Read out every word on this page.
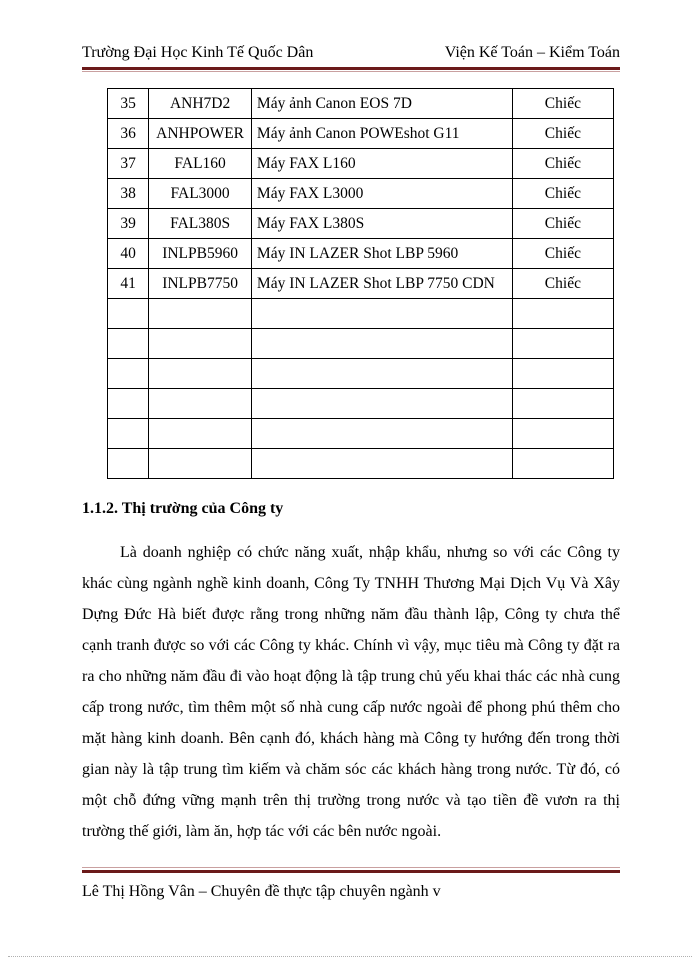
Trường Đại Học Kinh Tế Quốc Dân	Viện Kế Toán – Kiểm Toán
35	ANH7D2	Máy ảnh Canon EOS 7D	Chiếc
36	ANHPOWER	Máy ảnh Canon POWEshot G11	Chiếc
37	FAL160	Máy FAX L160	Chiếc
38	FAL3000	Máy FAX L3000	Chiếc
39	FAL380S	Máy FAX L380S	Chiếc
40	INLPB5960	Máy IN LAZER Shot LBP 5960	Chiếc
41	INLPB7750	Máy IN LAZER Shot LBP 7750 CDN	Chiếc

1.1.2. Thị trường của Công ty

Là doanh nghiệp có chức năng xuất, nhập khẩu, nhưng so với các Công ty khác cùng ngành nghề kinh doanh, Công Ty TNHH Thương Mại Dịch Vụ Và Xây Dựng Đức Hà biết được rằng trong những năm đầu thành lập, Công ty chưa thể cạnh tranh được so với các Công ty khác. Chính vì vậy, mục tiêu mà Công ty đặt ra ra cho những năm đầu đi vào hoạt động là tập trung chủ yếu khai thác các nhà cung cấp trong nước, tìm thêm một số nhà cung cấp nước ngoài để phong phú thêm cho mặt hàng kinh doanh. Bên cạnh đó, khách hàng mà Công ty hướng đến trong thời gian này là tập trung tìm kiếm và chăm sóc các khách hàng trong nước. Từ đó, có một chỗ đứng vững mạnh trên thị trường trong nước và tạo tiền đề vươn ra thị trường thế giới, làm ăn, hợp tác với các bên nước ngoài.

Lê Thị Hồng Vân – Chuyên đề thực tập chuyên ngành v
